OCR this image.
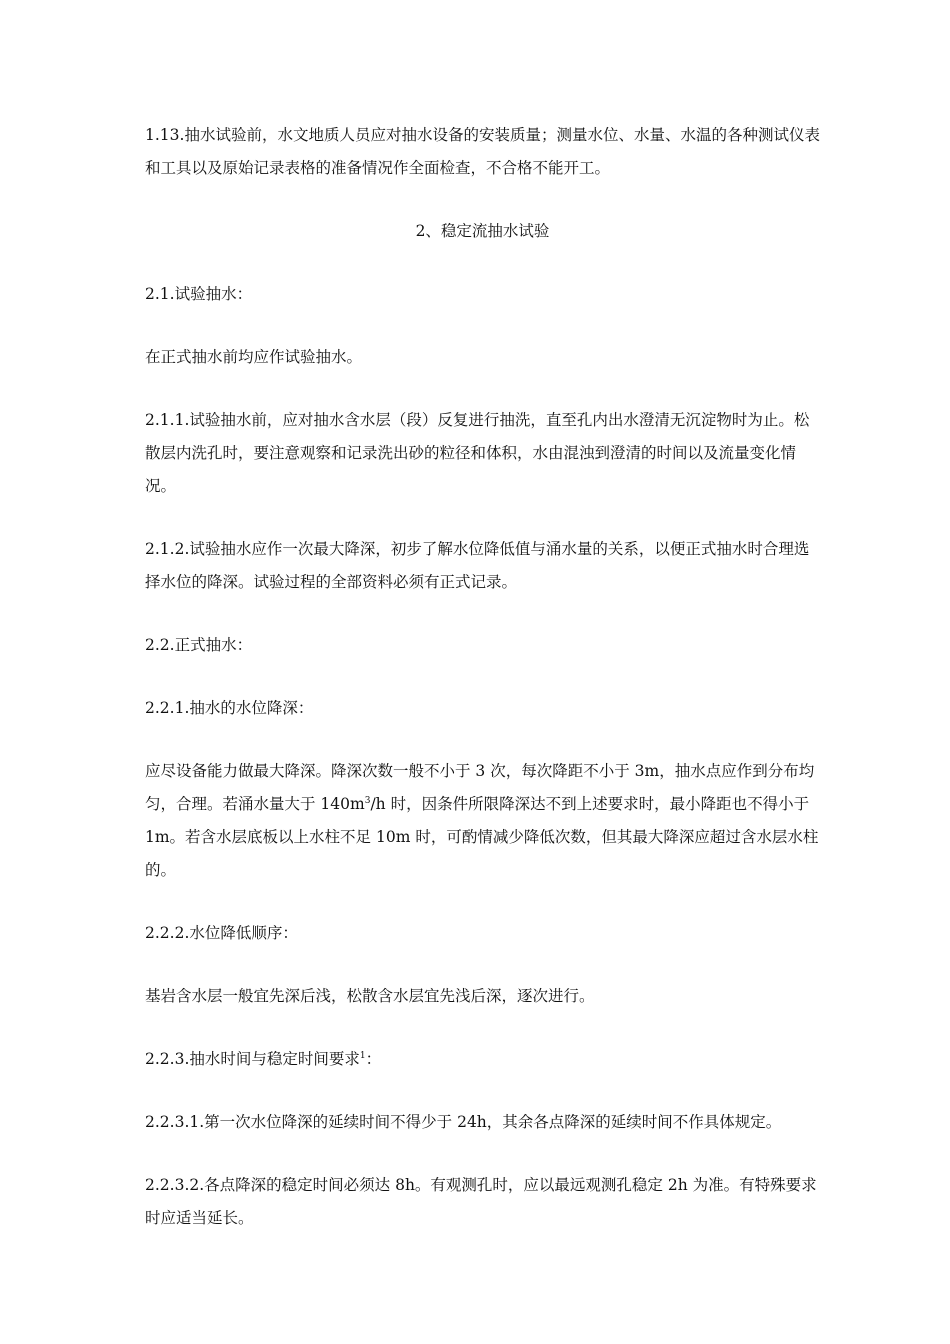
1.13.抽水试验前，水文地质人员应对抽水设备的安装质量；测量水位、水量、水温的各种测试仪表和工具以及原始记录表格的准备情况作全面检查，不合格不能开工。

2、稳定流抽水试验

2.1.试验抽水：

在正式抽水前均应作试验抽水。

2.1.1.试验抽水前，应对抽水含水层（段）反复进行抽洗，直至孔内出水澄清无沉淀物时为止。松散层内洗孔时，要注意观察和记录洗出砂的粒径和体积，水由混浊到澄清的时间以及流量变化情况。

2.1.2.试验抽水应作一次最大降深，初步了解水位降低值与涌水量的关系，以便正式抽水时合理选择水位的降深。试验过程的全部资料必须有正式记录。

2.2.正式抽水：

2.2.1.抽水的水位降深：

应尽设备能力做最大降深。降深次数一般不小于 3 次，每次降距不小于 3m，抽水点应作到分布均匀，合理。若涌水量大于 $140m^3/h$ 时，因条件所限降深达不到上述要求时，最小降距也不得小于 1m。若含水层底板以上水柱不足 10m 时，可酌情减少降低次数，但其最大降深应超过含水层水柱的。

2.2.2.水位降低顺序：

基岩含水层一般宜先深后浅，松散含水层宜先浅后深，逐次进行。

2.2.3.抽水时间与稳定时间要求$^1$：

2.2.3.1.第一次水位降深的延续时间不得少于 24h，其余各点降深的延续时间不作具体规定。

2.2.3.2.各点降深的稳定时间必须达 8h。有观测孔时，应以最远观测孔稳定 2h 为准。有特殊要求时应适当延长。
